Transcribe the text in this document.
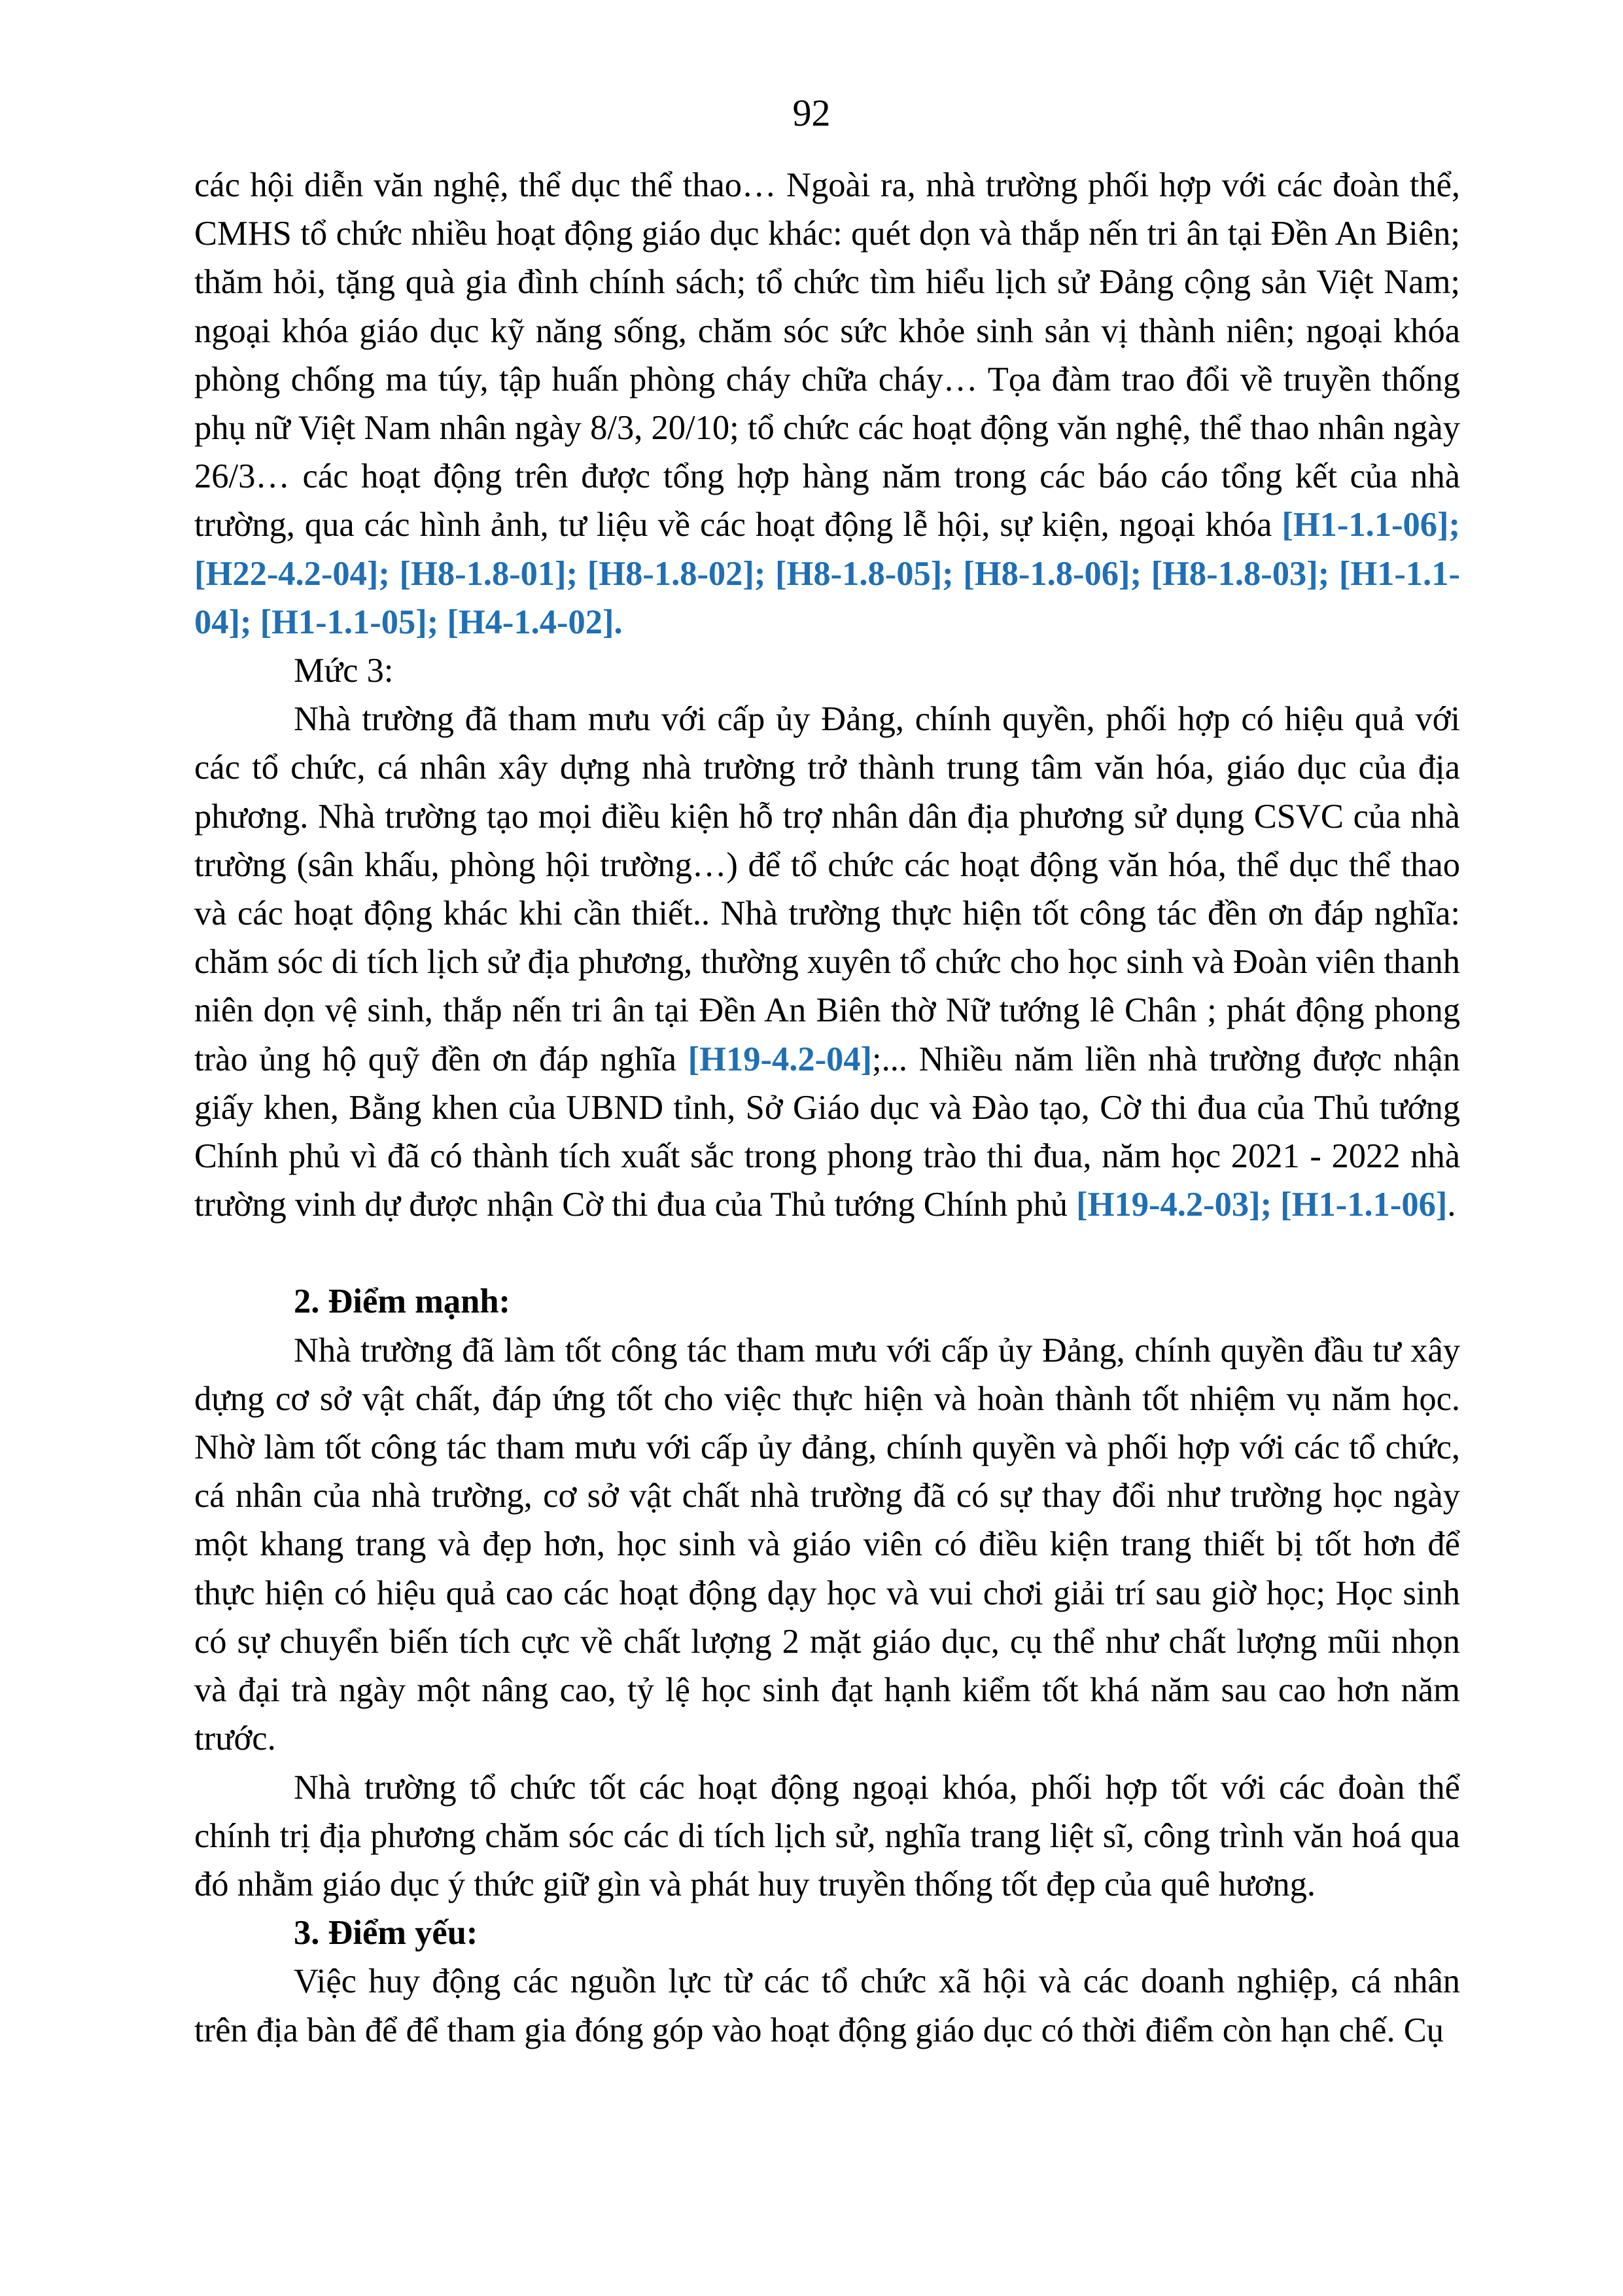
92

các hội diễn văn nghệ, thể dục thể thao… Ngoài ra, nhà trường phối hợp với các đoàn thể, CMHS tổ chức nhiều hoạt động giáo dục khác: quét dọn và thắp nến tri ân tại Đền An Biên; thăm hỏi, tặng quà gia đình chính sách; tổ chức tìm hiểu lịch sử Đảng cộng sản Việt Nam; ngoại khóa giáo dục kỹ năng sống, chăm sóc sức khỏe sinh sản vị thành niên; ngoại khóa phòng chống ma túy, tập huấn phòng cháy chữa cháy… Tọa đàm trao đổi về truyền thống phụ nữ Việt Nam nhân ngày 8/3, 20/10; tổ chức các hoạt động văn nghệ, thể thao nhân ngày 26/3… các hoạt động trên được tổng hợp hàng năm trong các báo cáo tổng kết của nhà trường, qua các hình ảnh, tư liệu về các hoạt động lễ hội, sự kiện, ngoại khóa [H1-1.1-06]; [H22-4.2-04]; [H8-1.8-01]; [H8-1.8-02]; [H8-1.8-05]; [H8-1.8-06]; [H8-1.8-03]; [H1-1.1-04]; [H1-1.1-05]; [H4-1.4-02].

Mức 3:

Nhà trường đã tham mưu với cấp ủy Đảng, chính quyền, phối hợp có hiệu quả với các tổ chức, cá nhân xây dựng nhà trường trở thành trung tâm văn hóa, giáo dục của địa phương. Nhà trường tạo mọi điều kiện hỗ trợ nhân dân địa phương sử dụng CSVC của nhà trường (sân khấu, phòng hội trường…) để tổ chức các hoạt động văn hóa, thể dục thể thao và các hoạt động khác khi cần thiết.. Nhà trường thực hiện tốt công tác đền ơn đáp nghĩa: chăm sóc di tích lịch sử địa phương, thường xuyên tổ chức cho học sinh và Đoàn viên thanh niên dọn vệ sinh, thắp nến tri ân tại Đền An Biên thờ Nữ tướng lê Chân ; phát động phong trào ủng hộ quỹ đền ơn đáp nghĩa [H19-4.2-04];... Nhiều năm liền nhà trường được nhận giấy khen, Bằng khen của UBND tỉnh, Sở Giáo dục và Đào tạo, Cờ thi đua của Thủ tướng Chính phủ vì đã có thành tích xuất sắc trong phong trào thi đua, năm học 2021 - 2022 nhà trường vinh dự được nhận Cờ thi đua của Thủ tướng Chính phủ [H19-4.2-03]; [H1-1.1-06].

2. Điểm mạnh:

Nhà trường đã làm tốt công tác tham mưu với cấp ủy Đảng, chính quyền đầu tư xây dựng cơ sở vật chất, đáp ứng tốt cho việc thực hiện và hoàn thành tốt nhiệm vụ năm học. Nhờ làm tốt công tác tham mưu với cấp ủy đảng, chính quyền và phối hợp với các tổ chức, cá nhân của nhà trường, cơ sở vật chất nhà trường đã có sự thay đổi như trường học ngày một khang trang và đẹp hơn, học sinh và giáo viên có điều kiện trang thiết bị tốt hơn để thực hiện có hiệu quả cao các hoạt động dạy học và vui chơi giải trí sau giờ học; Học sinh có sự chuyển biến tích cực về chất lượng 2 mặt giáo dục, cụ thể như chất lượng mũi nhọn và đại trà ngày một nâng cao, tỷ lệ học sinh đạt hạnh kiểm tốt khá năm sau cao hơn năm trước.

Nhà trường tổ chức tốt các hoạt động ngoại khóa, phối hợp tốt với các đoàn thể chính trị địa phương chăm sóc các di tích lịch sử, nghĩa trang liệt sĩ, công trình văn hoá qua đó nhằm giáo dục ý thức giữ gìn và phát huy truyền thống tốt đẹp của quê hương.

3. Điểm yếu:

Việc huy động các nguồn lực từ các tổ chức xã hội và các doanh nghiệp, cá nhân trên địa bàn để để tham gia đóng góp vào hoạt động giáo dục có thời điểm còn hạn chế. Cụ
